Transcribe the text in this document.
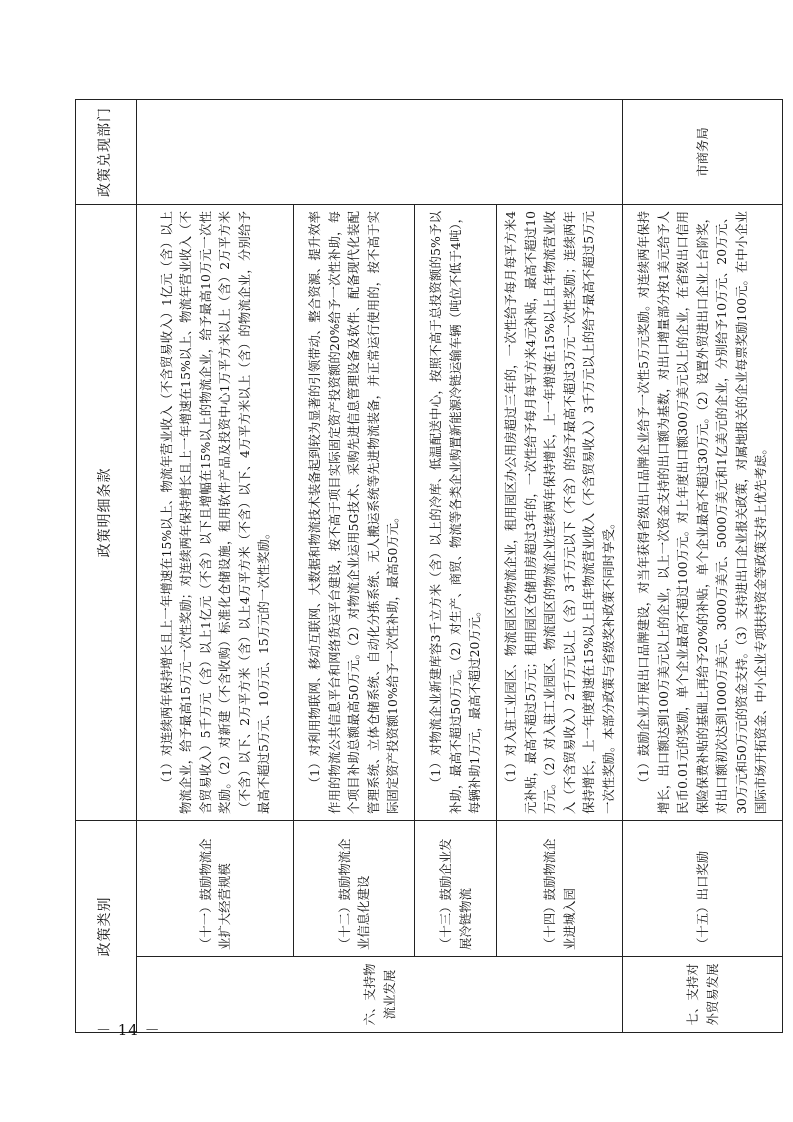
政策类别		政策明细条款	政策兑现部门
六、支持物流业发展	（十一）鼓励物流企业扩大经营规模	（1）对连续两年保持增长且上一年增速在15%以上、物流年营业收入（不含贸易收入）1亿元（含）以上物流企业，给予最高15万元一次性奖励；对连续两年保持增长且上一年增速在15%以上、物流年营业收入（不含贸易收入）5千万元（含）以上1亿元（不含）以下且增幅在15%以上的物流企业，给予最高10万元一次性奖励。（2）对新建（不含收购）标准化仓储设施，租用软件产品及投资中心1万平方米以上（含）2万平方米（不含）以下、2万平方米（含）以上4万平方米（不含）以下、4万平方米以上（含）的物流企业，分别给予最高不超过5万元、10万元、15万元的一次性奖励。	
	（十二）鼓励物流企业信息化建设	（1）对利用物联网、移动互联网、大数据和物流技术装备起到较为显著的引领带动、整合资源、提升效率作用的物流公共信息平台和网络货运平台建设，按不高于项目实际固定资产投资额的20%给予一次性补助，每个项目补助总额最高50万元。（2）对物流企业运用5G技术、采购先进信息管理设备及软件、配备现代化装配管理系统、立体仓储系统、自动化分拣系统、无人搬运系统等先进物流装备，并正常运行使用的，按不高于实际固定资产投资额10%给予一次性补助，最高50万元。	
	（十三）鼓励企业发展冷链物流	（1）对物流企业新建库容3千立方米（含）以上的冷库、低温配送中心，按照不高于总投资额的5%予以补助，最高不超过50万元。（2）对生产、商贸、物流等各类企业购置新能源冷链运输车辆（吨位不低于4吨），每辆补助1万元，最高不超过20万元。	
	（十四）鼓励物流企业进城入园	（1）对入驻工业园区、物流园区的物流企业，租用园区办公用房超过三年的，一次性给予每月每平方米4元补贴，最高不超过5万元；租用园区仓储用房超过3年的，一次性给予每月每平方米4元补贴，最高不超过10万元。（2）对入驻工业园区、物流园区的物流企业连续两年保持增长，上一年增速在15%以上且年物流营业收入（不含贸易收入）2千万元以上（含）3千万元以下（不含）的给予最高不超过3万元一次性奖励；连续两年保持增长，上一年度增速在15%以上且年物流营业收入（不含贸易收入）3千万元以上的给予最高不超过5万元一次性奖励。本部分政策与省级奖补政策不同时享受。	
七、支持对外贸易发展	（十五）出口奖励	（1）鼓励企业开展出口品牌建设，对当年获得省级出口品牌企业给予一次性5万元奖励。对连续两年保持增长，出口额达到100万美元以上的企业，以上一次资金支持的出口额为基数，对出口增量部分按1美元给予人民币0.01元的奖励，单个企业最高不超过100万元。对上年度出口额300万美元以上的企业，在省级出口信用保险保费补贴的基础上再给予20%的补贴，单个企业最高不超过30万元。（2）设置外贸进出口企业上台阶奖，对出口额初次达到1000万美元、3000万美元、5000万美元和1亿美元的企业，分别给予10万元、20万元、30万元和50万元的资金支持。（3）支持进出口企业报关政策，对属地报关的企业每票奖励100元。在中小企业国际市场开拓资金、中小企业专项扶持资金等政策支持上优先考虑。	市商务局
－ 14 －
